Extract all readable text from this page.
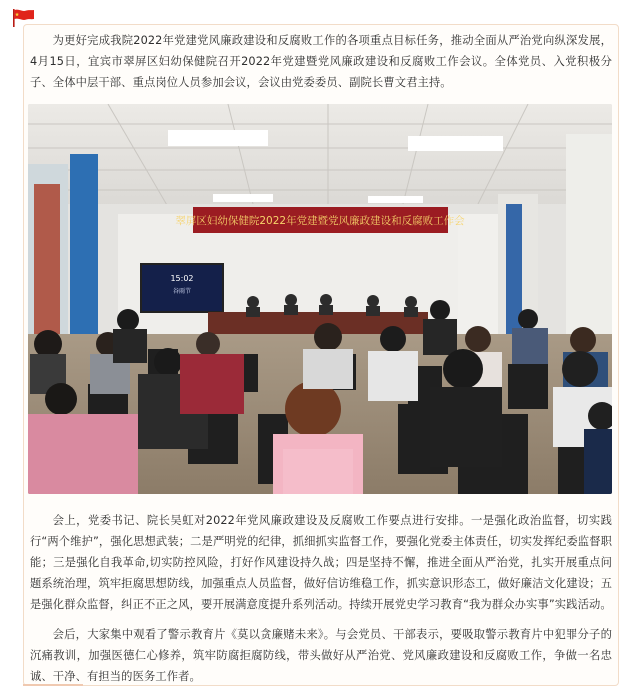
为更好完成我院2022年党建党风廉政建设和反腐败工作的各项重点目标任务，推动全面从严治党向纵深发展，4月15日，宜宾市翠屏区妇幼保健院召开2022年党建暨党风廉政建设和反腐败工作会议。全体党员、入党积极分子、全体中层干部、重点岗位人员参加会议，会议由党委委员、副院长曹文君主持。

翠屏区妇幼保健院2022年党建暨党风廉政建设和反腐败工作会
15:02
谷雨节

会上，党委书记、院长吴虹对2022年党风廉政建设及反腐败工作要点进行安排。一是强化政治监督，切实践行“两个维护”，强化思想武装；二是严明党的纪律，抓细抓实监督工作，要强化党委主体责任，切实发挥纪委监督职能；三是强化自我革命,切实防控风险，打好作风建设持久战；四是坚持不懈，推进全面从严治党，扎实开展重点问题系统治理，筑牢拒腐思想防线，加强重点人员监督，做好信访维稳工作，抓实意识形态工，做好廉洁文化建设；五是强化群众监督，纠正不正之风，要开展满意度提升系列活动。持续开展党史学习教育“我为群众办实事”实践活动。

会后，大家集中观看了警示教育片《莫以贪廉赌未来》。与会党员、干部表示，要吸取警示教育片中犯罪分子的沉痛教训，加强医德仁心修养，筑牢防腐拒腐防线，带头做好从严治党、党风廉政建设和反腐败工作，争做一名忠诚、干净、有担当的医务工作者。
